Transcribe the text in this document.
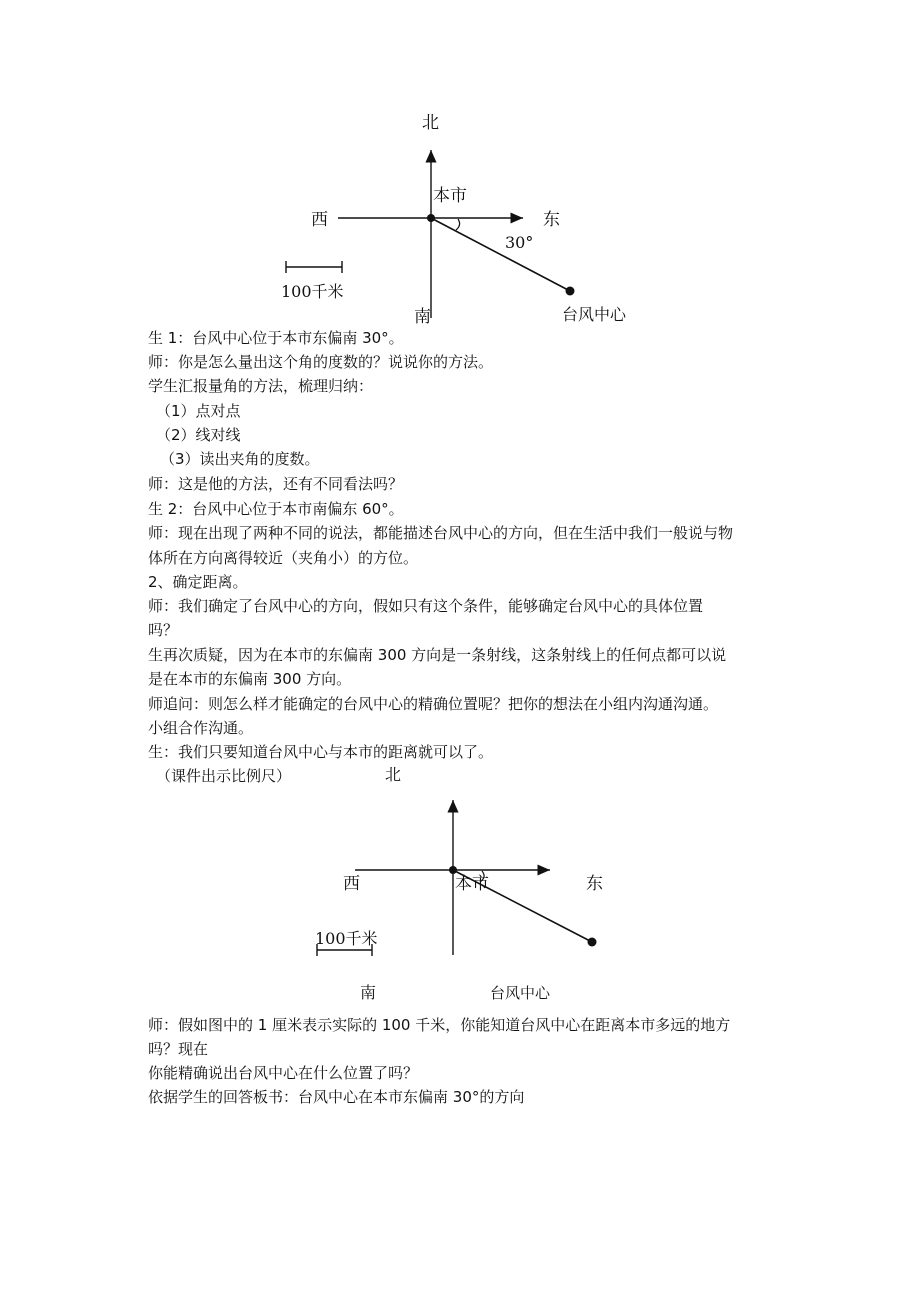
北
西	东
南
本市
30°
100千米
台风中心
生 1：台风中心位于本市东偏南 30°。
师：你是怎么量出这个角的度数的？说说你的方法。
学生汇报量角的方法，梳理归纳：
（1）点对点
（2）线对线
（3）读出夹角的度数。
师：这是他的方法，还有不同看法吗？
生 2：台风中心位于本市南偏东 60°。
师：现在出现了两种不同的说法，都能描述台风中心的方向，但在生活中我们一般说与物
体所在方向离得较近（夹角小）的方位。
2、确定距离。
师：我们确定了台风中心的方向，假如只有这个条件，能够确定台风中心的具体位置
吗？
生再次质疑，因为在本市的东偏南 300 方向是一条射线，这条射线上的任何点都可以说
是在本市的东偏南 300 方向。
师追问：则怎么样才能确定的台风中心的精确位置呢？把你的想法在小组内沟通沟通。
小组合作沟通。
生：我们只要知道台风中心与本市的距离就可以了。
（课件出示比例尺）	北
西	东
本市
100千米
南	台风中心
师：假如图中的 1 厘米表示实际的 100 千米，你能知道台风中心在距离本市多远的地方
吗？现在
你能精确说出台风中心在什么位置了吗？
依据学生的回答板书：台风中心在本市东偏南 30°的方向
